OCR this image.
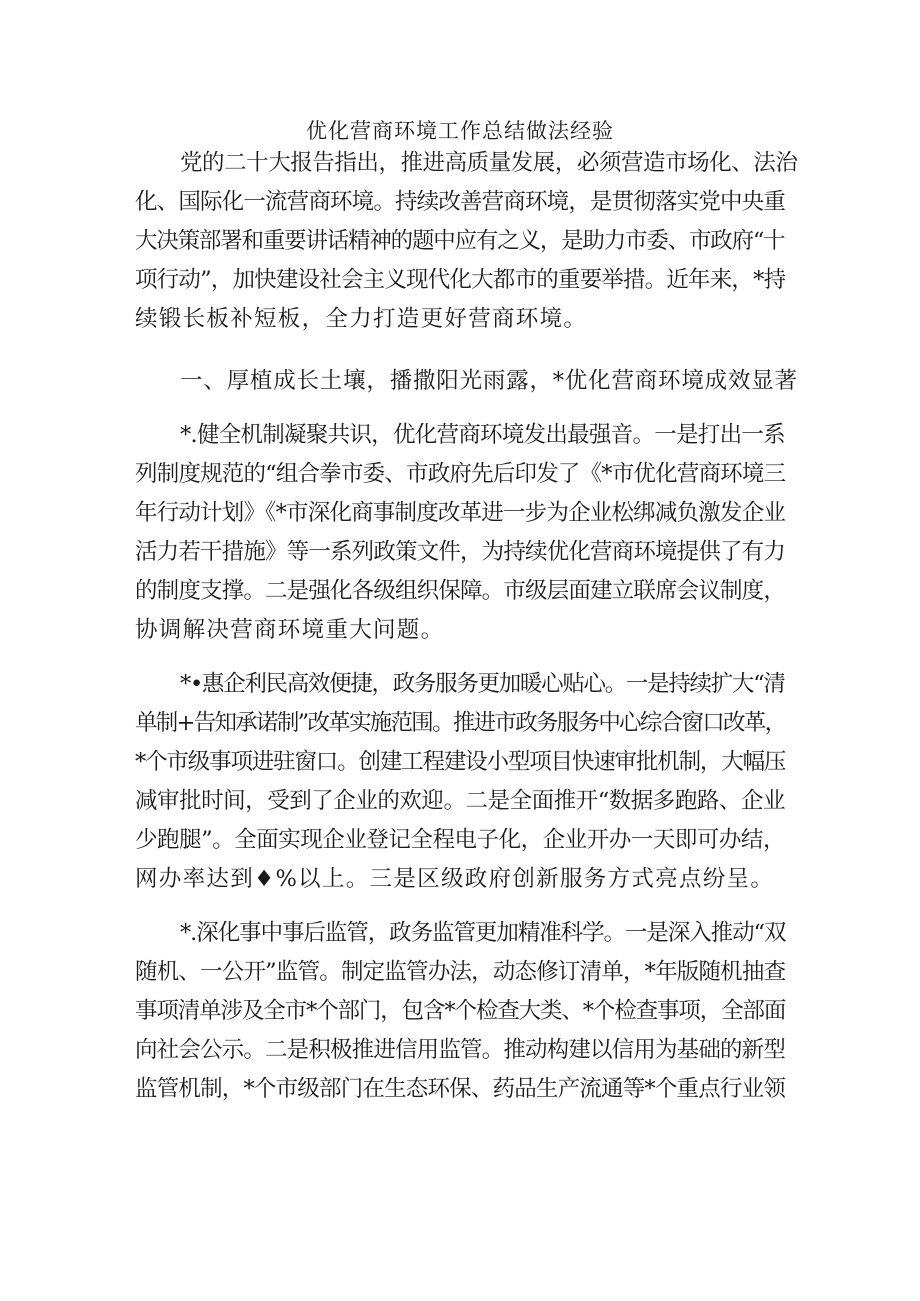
优化营商环境工作总结做法经验
党的二十大报告指出，推进高质量发展，必须营造市场化、法治
化、国际化一流营商环境。持续改善营商环境，是贯彻落实党中央重
大决策部署和重要讲话精神的题中应有之义，是助力市委、市政府“十
项行动”，加快建设社会主义现代化大都市的重要举措。近年来，*持
续锻长板补短板，全力打造更好营商环境。
一、厚植成长土壤，播撒阳光雨露，*优化营商环境成效显著
*.健全机制凝聚共识，优化营商环境发出最强音。一是打出一系
列制度规范的“组合拳市委、市政府先后印发了《*市优化营商环境三
年行动计划》《*市深化商事制度改革进一步为企业松绑减负激发企业
活力若干措施》等一系列政策文件，为持续优化营商环境提供了有力
的制度支撑。二是强化各级组织保障。市级层面建立联席会议制度，
协调解决营商环境重大问题。
*•惠企利民高效便捷，政务服务更加暖心贴心。一是持续扩大“清
单制+告知承诺制”改革实施范围。推进市政务服务中心综合窗口改革，
*个市级事项进驻窗口。创建工程建设小型项目快速审批机制，大幅压
减审批时间，受到了企业的欢迎。二是全面推开“数据多跑路、企业
少跑腿”。全面实现企业登记全程电子化，企业开办一天即可办结，
网办率达到♦%以上。三是区级政府创新服务方式亮点纷呈。
*.深化事中事后监管，政务监管更加精准科学。一是深入推动“双
随机、一公开”监管。制定监管办法，动态修订清单，*年版随机抽查
事项清单涉及全市*个部门，包含*个检查大类、*个检查事项，全部面
向社会公示。二是积极推进信用监管。推动构建以信用为基础的新型
监管机制，*个市级部门在生态环保、药品生产流通等*个重点行业领
